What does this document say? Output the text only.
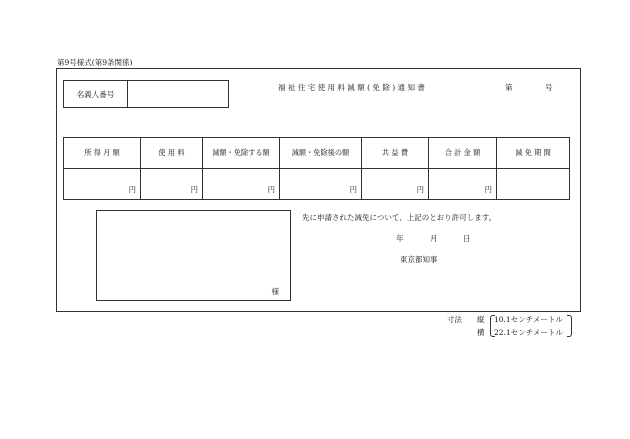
第9号様式(第9条関係)
名義人番号
福祉住宅使用料減額(免除)通知書	第	号
所 得 月 額	使 用 料	減額・免除する額	減額・免除後の額	共 益 費	合 計 金 額	減 免 期 間
円	円	円	円	円	円	
様
先に申請された減免について、上記のとおり許可します。
年	月	日
東京都知事
寸法 縦
横
10.1センチメートル
22.1センチメートル
